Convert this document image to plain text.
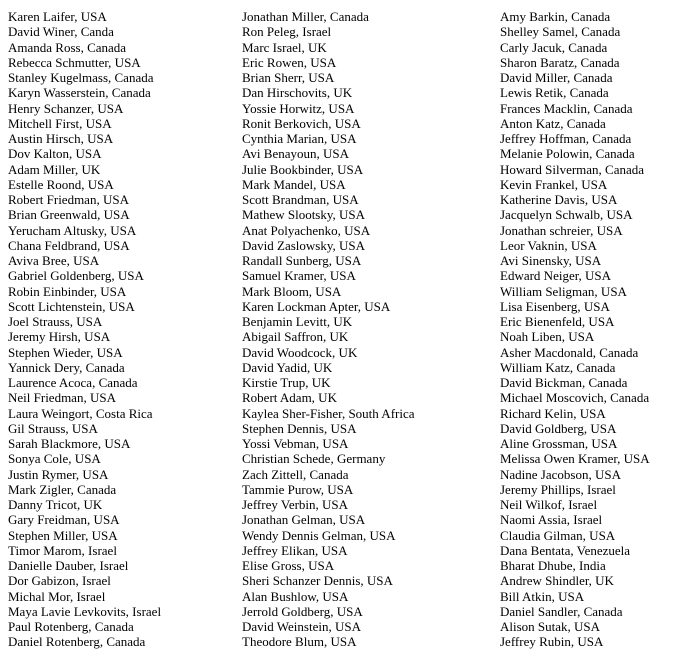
Karen Laifer, USA
David Winer, Canda
Amanda Ross, Canada
Rebecca Schmutter, USA
Stanley Kugelmass, Canada
Karyn Wasserstein, Canada
Henry Schanzer, USA
Mitchell First, USA
Austin Hirsch, USA
Dov Kalton, USA
Adam Miller, UK
Estelle Roond, USA
Robert Friedman, USA
Brian Greenwald, USA
Yerucham Altusky, USA
Chana Feldbrand, USA
Aviva Bree, USA
Gabriel Goldenberg, USA
Robin Einbinder, USA
Scott Lichtenstein, USA
Joel Strauss, USA
Jeremy Hirsh, USA
Stephen Wieder, USA
Yannick Dery, Canada
Laurence Acoca, Canada
Neil Friedman, USA
Laura Weingort, Costa Rica
Gil Strauss, USA
Sarah Blackmore, USA
Sonya Cole, USA
Justin Rymer, USA
Mark Zigler, Canada
Danny Tricot, UK
Gary Freidman, USA
Stephen Miller, USA
Timor Marom, Israel
Danielle Dauber, Israel
Dor Gabizon, Israel
Michal Mor, Israel
Maya Lavie Levkovits, Israel
Paul Rotenberg, Canada
Daniel Rotenberg, Canada
Jonathan Miller, Canada
Ron Peleg, Israel
Marc Israel, UK
Eric Rowen, USA
Brian Sherr, USA
Dan Hirschovits, UK
Yossie Horwitz, USA
Ronit Berkovich, USA
Cynthia Marian, USA
Avi Benayoun, USA
Julie Bookbinder, USA
Mark Mandel, USA
Scott Brandman, USA
Mathew Slootsky, USA
Anat Polyachenko, USA
David Zaslowsky, USA
Randall Sunberg, USA
Samuel Kramer, USA
Mark Bloom, USA
Karen Lockman Apter, USA
Benjamin Levitt, UK
Abigail Saffron, UK
David Woodcock, UK
David Yadid, UK
Kirstie Trup, UK
Robert Adam, UK
Kaylea Sher-Fisher, South Africa
Stephen Dennis, USA
Yossi Vebman, USA
Christian Schede, Germany
Zach Zittell, Canada
Tammie Purow, USA
Jeffrey Verbin, USA
Jonathan Gelman, USA
Wendy Dennis Gelman, USA
Jeffrey Elikan, USA
Elise Gross, USA
Sheri Schanzer Dennis, USA
Alan Bushlow, USA
Jerrold Goldberg, USA
David Weinstein, USA
Theodore Blum, USA
Amy Barkin, Canada
Shelley Samel, Canada
Carly Jacuk, Canada
Sharon Baratz, Canada
David Miller, Canada
Lewis Retik, Canada
Frances Macklin, Canada
Anton Katz, Canada
Jeffrey Hoffman, Canada
Melanie Polowin, Canada
Howard Silverman, Canada
Kevin Frankel, USA
Katherine Davis, USA
Jacquelyn Schwalb, USA
Jonathan schreier, USA
Leor Vaknin, USA
Avi Sinensky, USA
Edward Neiger, USA
William Seligman, USA
Lisa Eisenberg, USA
Eric Bienenfeld, USA
Noah Liben, USA
Asher Macdonald, Canada
William Katz, Canada
David Bickman, Canada
Michael Moscovich, Canada
Richard Kelin, USA
David Goldberg, USA
Aline Grossman, USA
Melissa Owen Kramer, USA
Nadine Jacobson, USA
Jeremy Phillips, Israel
Neil Wilkof, Israel
Naomi Assia, Israel
Claudia Gilman, USA
Dana Bentata, Venezuela
Bharat Dhube, India
Andrew Shindler, UK
Bill Atkin, USA
Daniel Sandler, Canada
Alison Sutak, USA
Jeffrey Rubin, USA
